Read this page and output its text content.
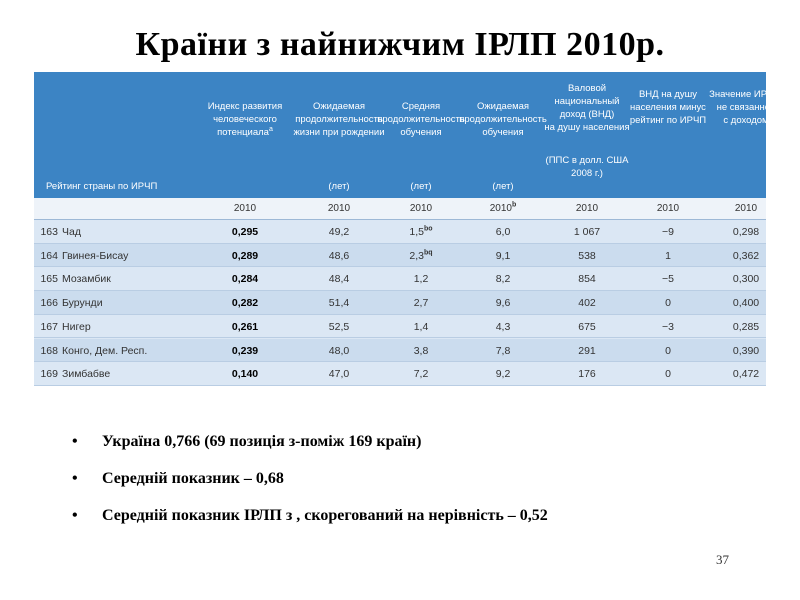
Країни з найнижчим ІРЛП 2010р.
Рейтинг страны по ИРЧП
Индекс развития
человеческого
потенциала$^a$
Ожидаемая
продолжительность
жизни при рождении
(лет)
Средняя
продолжительность
обучения
(лет)
Ожидаемая
продолжительность
обучения
(лет)
Валовой
национальный
доход (ВНД)
на душу населения
(ППС в долл. США
2008 г.)
ВНД на душу
населения минус
рейтинг по ИРЧП
Значение ИРЧП,
не связанное
с доходом
2010	2010	2010	2010$^b$	2010	2010	2010
163 Чад	0,295	49,2	1,5$^{bo}$	6,0	1 067	−9	0,298
164 Гвинея-Бисау	0,289	48,6	2,3$^{bq}$	9,1	538	1	0,362
165 Мозамбик	0,284	48,4	1,2	8,2	854	−5	0,300
166 Бурунди	0,282	51,4	2,7	9,6	402	0	0,400
167 Нигер	0,261	52,5	1,4	4,3	675	−3	0,285
168 Конго, Дем. Респ.	0,239	48,0	3,8	7,8	291	0	0,390
169 Зимбабве	0,140	47,0	7,2	9,2	176	0	0,472
• Україна 0,766 (69 позиція з-поміж 169 країн)
• Середній показник – 0,68
• Середній показник ІРЛП з , скорегований на нерівність – 0,52
37
